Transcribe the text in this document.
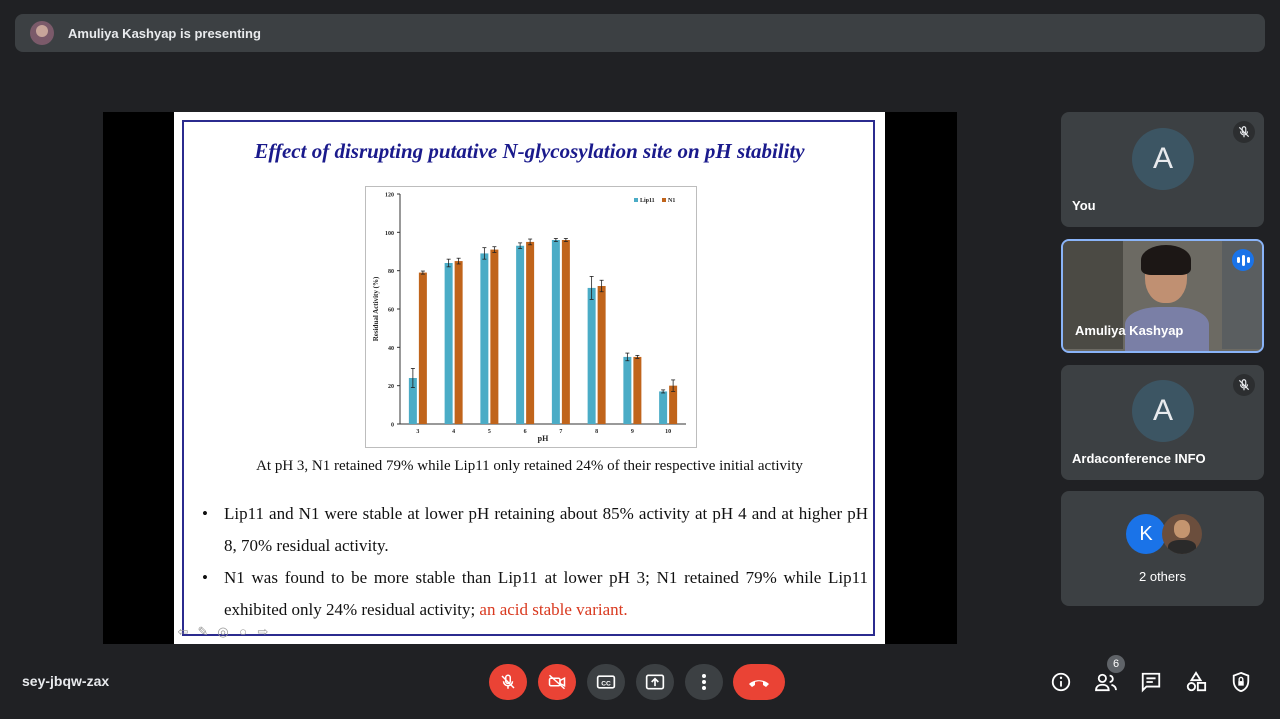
Amuliya Kashyap is presenting
Effect of disrupting putative N-glycosylation site on pH stability
0
20
40
60
80
100
120
Residual Activity (%)
pH
3	4	5	6	7	8	9	10
Lip11 N1
At pH 3, N1 retained 79% while Lip11 only retained 24% of their respective initial activity
• Lip11 and N1 were stable at lower pH retaining about 85% activity at pH 4 and at higher pH 8, 70% residual activity.
• N1 was found to be more stable than Lip11 at lower pH 3; N1 retained 79% while Lip11 exhibited only 24% residual activity; an acid stable variant.
⇦ ✎ ◎ ○ ⇨
A
You
Amuliya Kashyap
A
Ardaconference INFO
K
2 others
sey-jbqw-zax	CC
6
